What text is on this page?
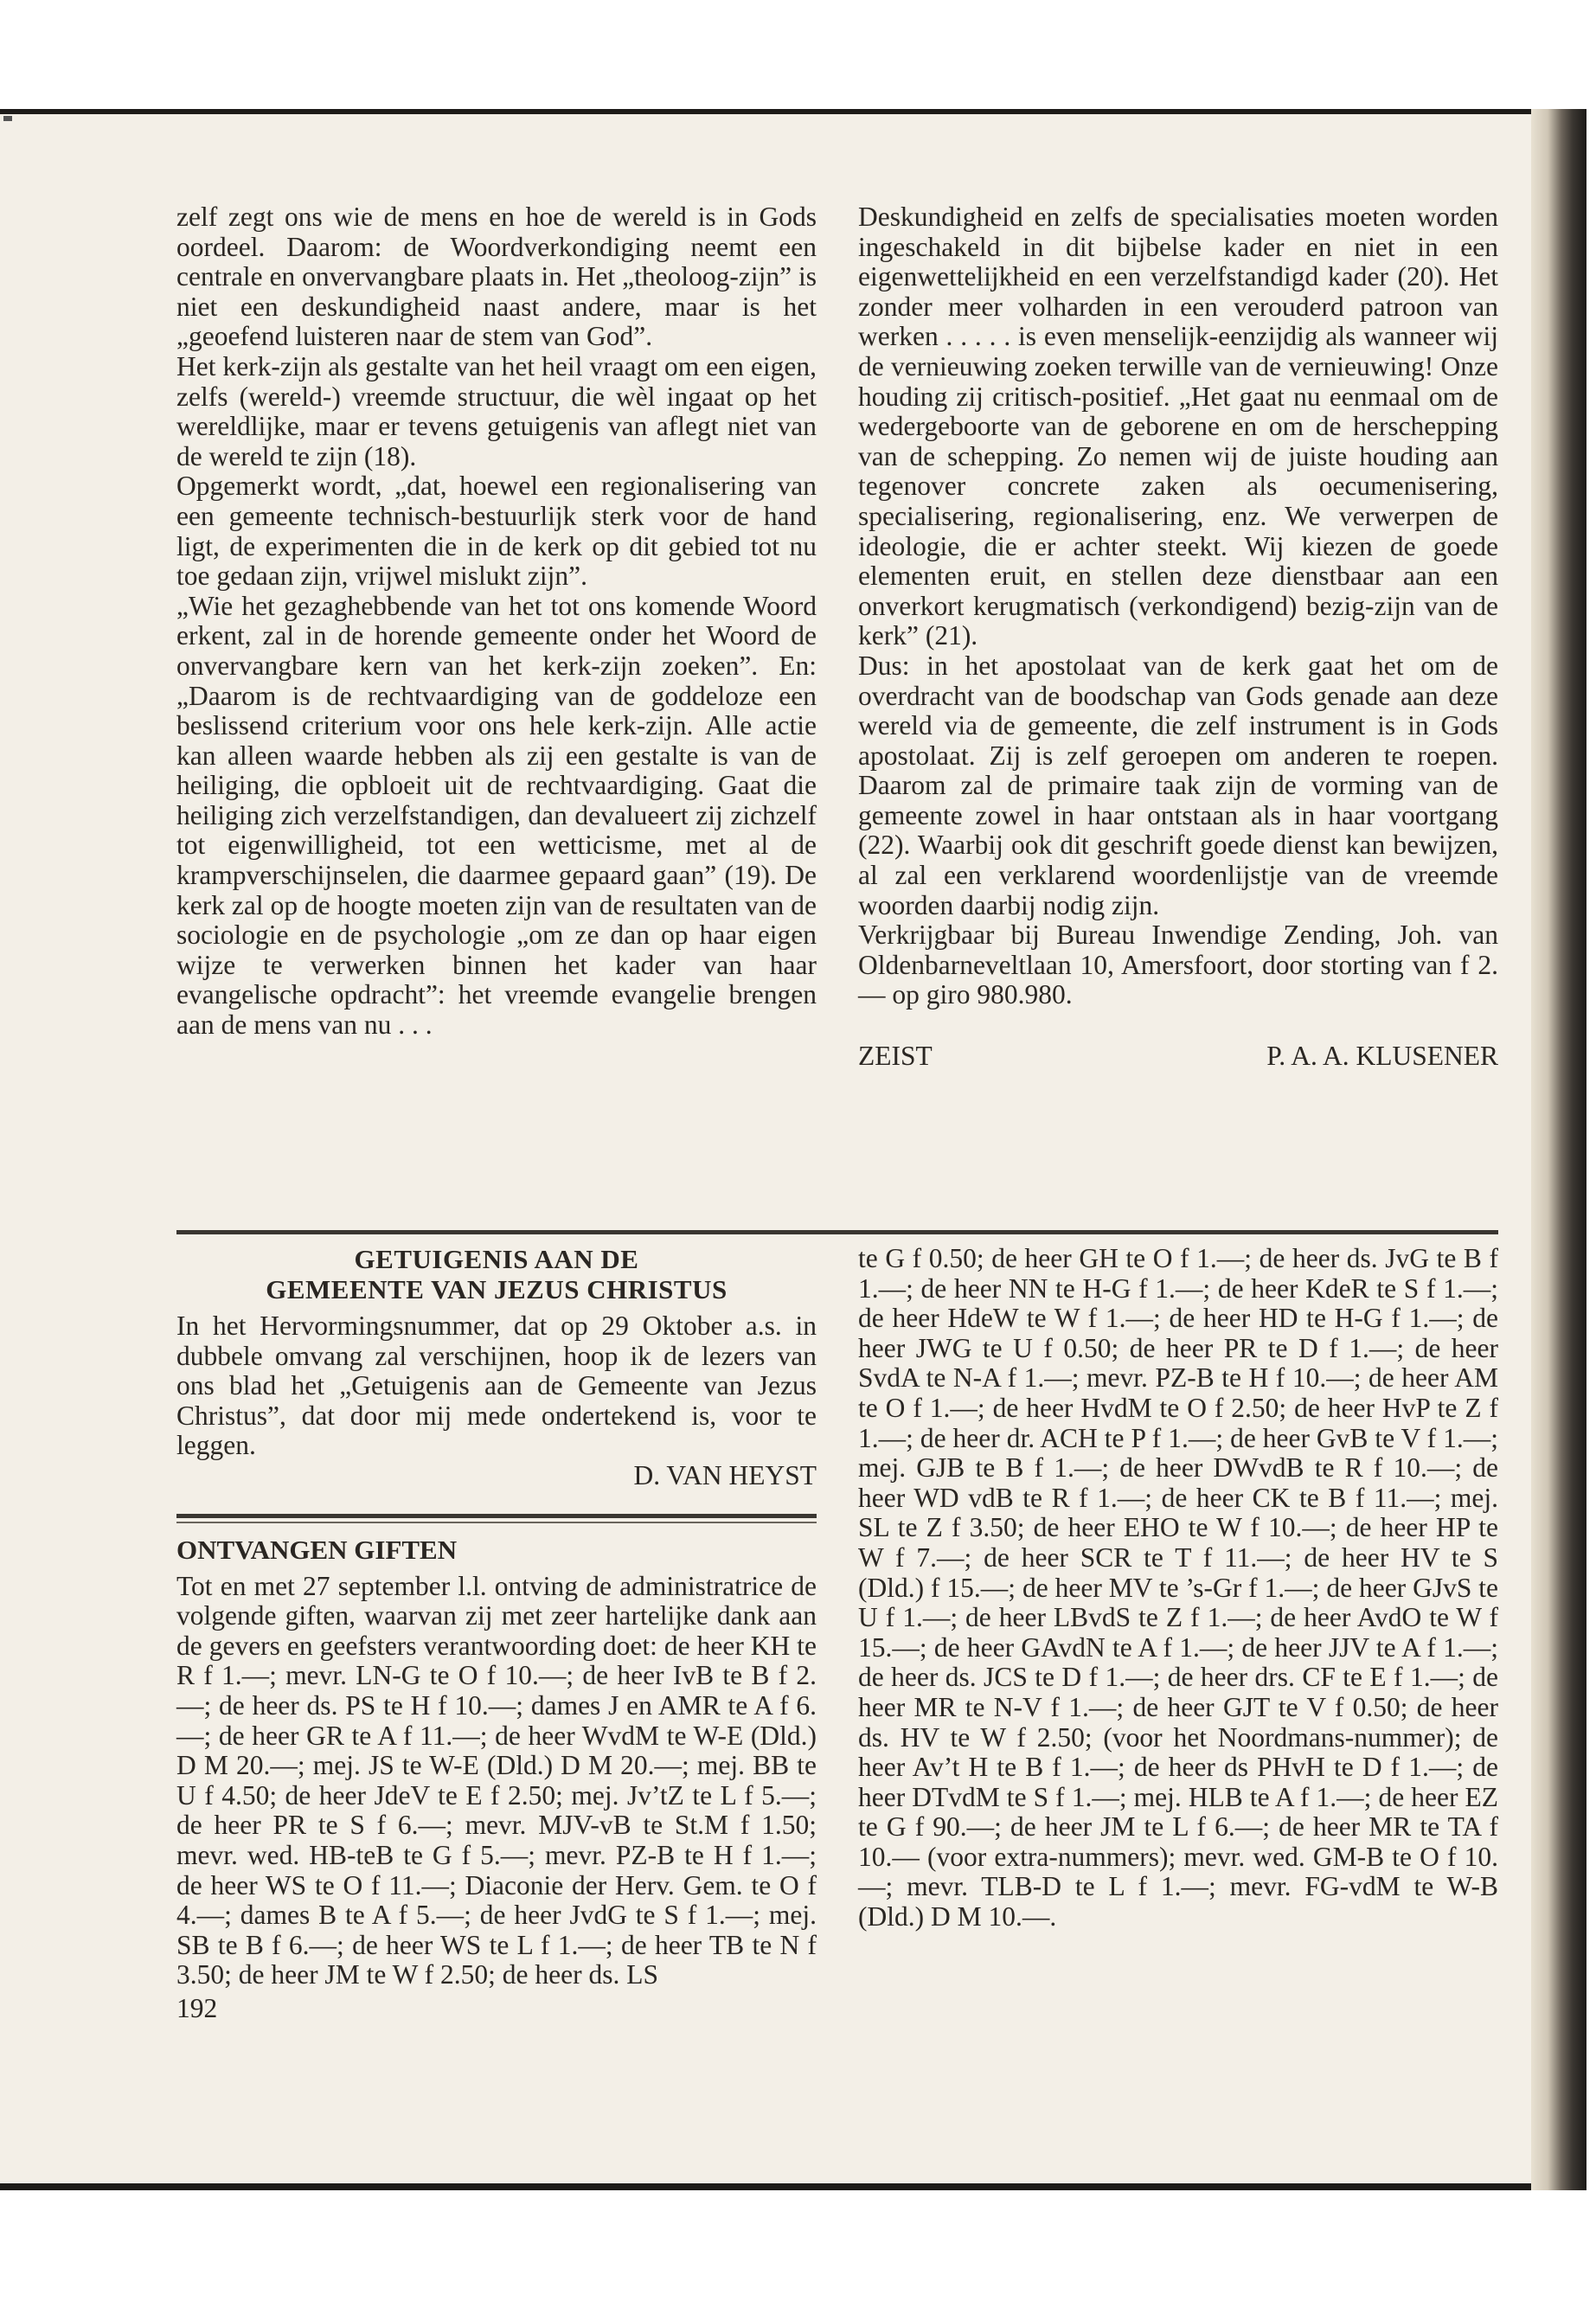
zelf zegt ons wie de mens en hoe de wereld is in Gods oordeel. Daarom: de Woordverkondiging neemt een centrale en onvervangbare plaats in. Het „theoloog-zijn” is niet een deskundigheid naast andere, maar is het „geoefend luisteren naar de stem van God”.

Het kerk-zijn als gestalte van het heil vraagt om een eigen, zelfs (wereld-) vreemde structuur, die wèl ingaat op het wereldlijke, maar er tevens getuigenis van aflegt niet van de wereld te zijn (18).

Opgemerkt wordt, „dat, hoewel een regionalisering van een gemeente technisch-bestuurlijk sterk voor de hand ligt, de experimenten die in de kerk op dit gebied tot nu toe gedaan zijn, vrijwel mislukt zijn”.

„Wie het gezaghebbende van het tot ons komende Woord erkent, zal in de horende gemeente onder het Woord de onvervangbare kern van het kerk-zijn zoeken”. En: „Daarom is de rechtvaardiging van de goddeloze een beslissend criterium voor ons hele kerk-zijn. Alle actie kan alleen waarde hebben als zij een gestalte is van de heiliging, die opbloeit uit de rechtvaardiging. Gaat die heiliging zich verzelfstandigen, dan devalueert zij zichzelf tot eigenwilligheid, tot een wetticisme, met al de krampverschijnselen, die daarmee gepaard gaan” (19). De kerk zal op de hoogte moeten zijn van de resultaten van de sociologie en de psychologie „om ze dan op haar eigen wijze te verwerken binnen het kader van haar evangelische opdracht”: het vreemde evangelie brengen aan de mens van nu . . .

Deskundigheid en zelfs de specialisaties moeten worden ingeschakeld in dit bijbelse kader en niet in een eigenwettelijkheid en een verzelfstandigd kader (20). Het zonder meer volharden in een verouderd patroon van werken . . . . . is even menselijk-eenzijdig als wanneer wij de vernieuwing zoeken terwille van de vernieuwing! Onze houding zij critisch-positief. „Het gaat nu eenmaal om de wedergeboorte van de geborene en om de herschepping van de schepping. Zo nemen wij de juiste houding aan tegenover concrete zaken als oecumenisering, specialisering, regionalisering, enz. We verwerpen de ideologie, die er achter steekt. Wij kiezen de goede elementen eruit, en stellen deze dienstbaar aan een onverkort kerugmatisch (verkondigend) bezig-zijn van de kerk” (21).

Dus: in het apostolaat van de kerk gaat het om de overdracht van de boodschap van Gods genade aan deze wereld via de gemeente, die zelf instrument is in Gods apostolaat. Zij is zelf geroepen om anderen te roepen. Daarom zal de primaire taak zijn de vorming van de gemeente zowel in haar ontstaan als in haar voortgang (22). Waarbij ook dit geschrift goede dienst kan bewijzen, al zal een verklarend woordenlijstje van de vreemde woorden daarbij nodig zijn.

Verkrijgbaar bij Bureau Inwendige Zending, Joh. van Oldenbarneveltlaan 10, Amersfoort, door storting van f 2.— op giro 980.980.

ZEIST	P. A. A. KLUSENER
GETUIGENIS AAN DE
GEMEENTE VAN JEZUS CHRISTUS

In het Hervormingsnummer, dat op 29 Oktober a.s. in dubbele omvang zal verschijnen, hoop ik de lezers van ons blad het „Getuigenis aan de Gemeente van Jezus Christus”, dat door mij mede ondertekend is, voor te leggen.

D. VAN HEYST
ONTVANGEN GIFTEN

Tot en met 27 september l.l. ontving de administratrice de volgende giften, waarvan zij met zeer hartelijke dank aan de gevers en geefsters verantwoording doet: de heer KH te R f 1.—; mevr. LN-G te O f 10.—; de heer IvB te B f 2.—; de heer ds. PS te H f 10.—; dames J en AMR te A f 6.—; de heer GR te A f 11.—; de heer WvdM te W-E (Dld.) D M 20.—; mej. JS te W-E (Dld.) D M 20.—; mej. BB te U f 4.50; de heer JdeV te E f 2.50; mej. Jv’tZ te L f 5.—; de heer PR te S f 6.—; mevr. MJV-vB te St.M f 1.50; mevr. wed. HB-teB te G f 5.—; mevr. PZ-B te H f 1.—; de heer WS te O f 11.—; Diaconie der Herv. Gem. te O f 4.—; dames B te A f 5.—; de heer JvdG te S f 1.—; mej. SB te B f 6.—; de heer WS te L f 1.—; de heer TB te N f 3.50; de heer JM te W f 2.50; de heer ds. LS

192

te G f 0.50; de heer GH te O f 1.—; de heer ds. JvG te B f 1.—; de heer NN te H-G f 1.—; de heer KdeR te S f 1.—; de heer HdeW te W f 1.—; de heer HD te H-G f 1.—; de heer JWG te U f 0.50; de heer PR te D f 1.—; de heer SvdA te N-A f 1.—; mevr. PZ-B te H f 10.—; de heer AM te O f 1.—; de heer HvdM te O f 2.50; de heer HvP te Z f 1.—; de heer dr. ACH te P f 1.—; de heer GvB te V f 1.—; mej. GJB te B f 1.—; de heer DWvdB te R f 10.—; de heer WD vdB te R f 1.—; de heer CK te B f 11.—; mej. SL te Z f 3.50; de heer EHO te W f 10.—; de heer HP te W f 7.—; de heer SCR te T f 11.—; de heer HV te S (Dld.) f 15.—; de heer MV te ’s-Gr f 1.—; de heer GJvS te U f 1.—; de heer LBvdS te Z f 1.—; de heer AvdO te W f 15.—; de heer GAvdN te A f 1.—; de heer JJV te A f 1.—; de heer ds. JCS te D f 1.—; de heer drs. CF te E f 1.—; de heer MR te N-V f 1.—; de heer GJT te V f 0.50; de heer ds. HV te W f 2.50; (voor het Noordmans-nummer); de heer Av’t H te B f 1.—; de heer ds PHvH te D f 1.—; de heer DTvdM te S f 1.—; mej. HLB te A f 1.—; de heer EZ te G f 90.—; de heer JM te L f 6.—; de heer MR te TA f 10.— (voor extra-nummers); mevr. wed. GM-B te O f 10.—; mevr. TLB-D te L f 1.—; mevr. FG-vdM te W-B (Dld.) D M 10.—.
